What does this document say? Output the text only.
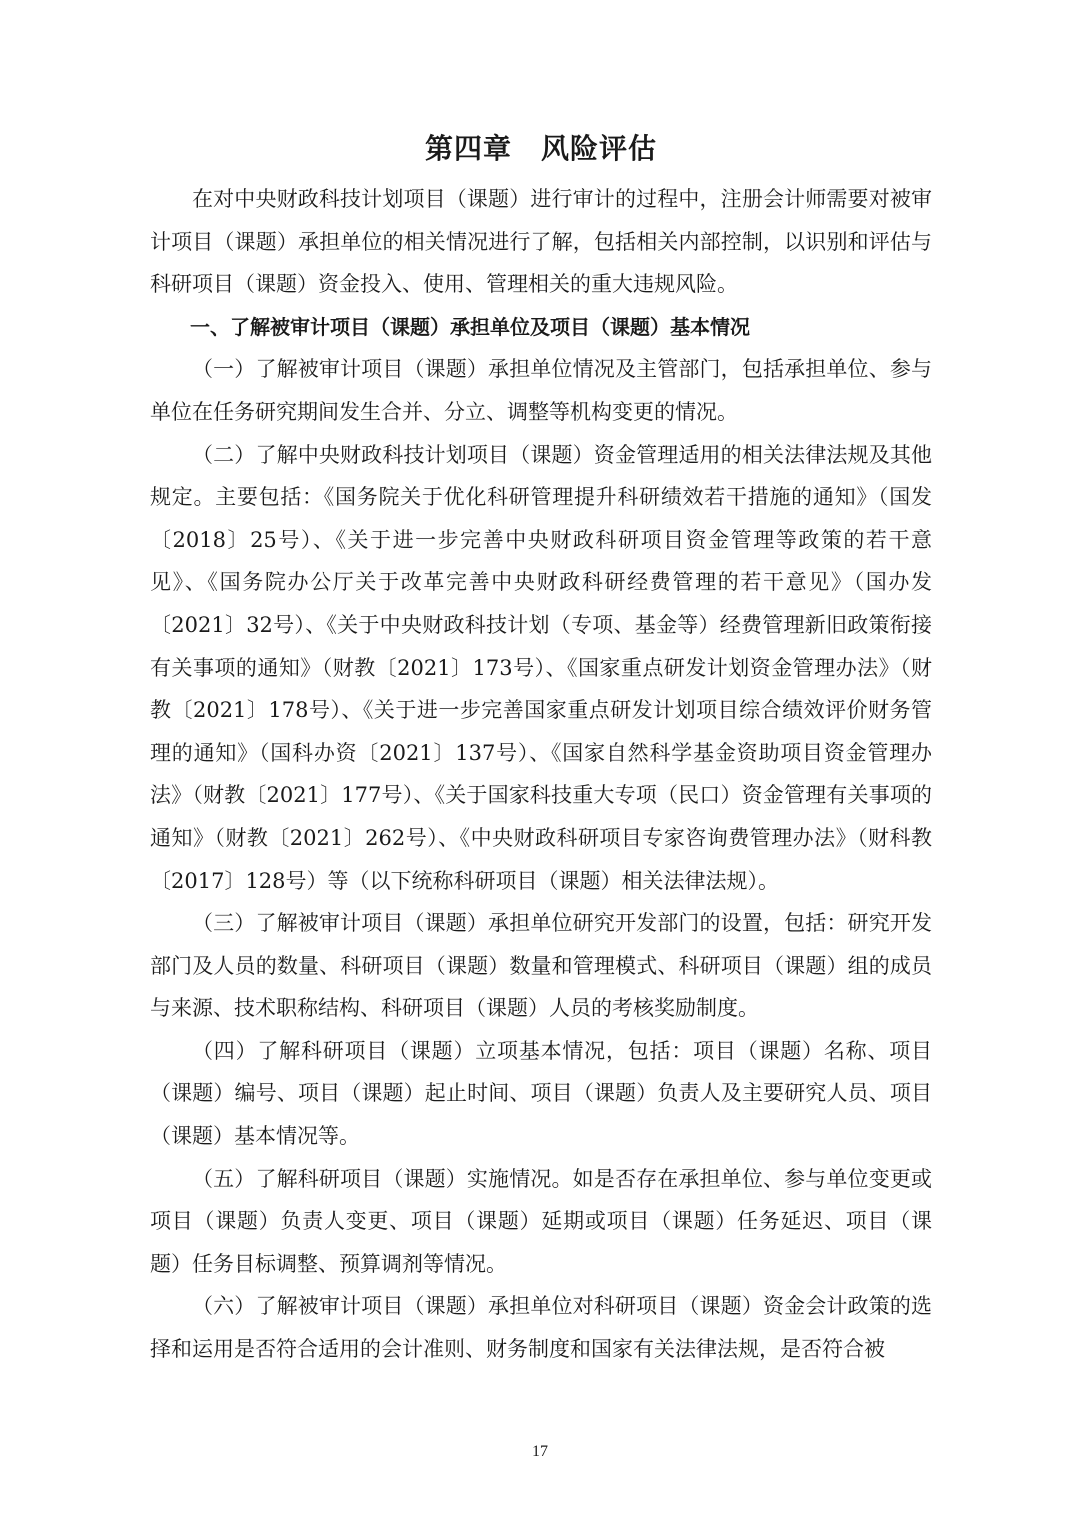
第四章　风险评估

在对中央财政科技计划项目（课题）进行审计的过程中，注册会计师需要对被审计项目（课题）承担单位的相关情况进行了解，包括相关内部控制，以识别和评估与科研项目（课题）资金投入、使用、管理相关的重大违规风险。

一、了解被审计项目（课题）承担单位及项目（课题）基本情况

（一）了解被审计项目（课题）承担单位情况及主管部门，包括承担单位、参与单位在任务研究期间发生合并、分立、调整等机构变更的情况。

（二）了解中央财政科技计划项目（课题）资金管理适用的相关法律法规及其他规定。主要包括：《国务院关于优化科研管理提升科研绩效若干措施的通知》（国发〔2018〕25号）、《关于进一步完善中央财政科研项目资金管理等政策的若干意见》、《国务院办公厅关于改革完善中央财政科研经费管理的若干意见》（国办发〔2021〕32号）、《关于中央财政科技计划（专项、基金等）经费管理新旧政策衔接有关事项的通知》（财教〔2021〕173号）、《国家重点研发计划资金管理办法》（财教〔2021〕178号）、《关于进一步完善国家重点研发计划项目综合绩效评价财务管理的通知》（国科办资〔2021〕137号）、《国家自然科学基金资助项目资金管理办法》（财教〔2021〕177号）、《关于国家科技重大专项（民口）资金管理有关事项的通知》（财教〔2021〕262号）、《中央财政科研项目专家咨询费管理办法》（财科教〔2017〕128号）等（以下统称科研项目（课题）相关法律法规）。

（三）了解被审计项目（课题）承担单位研究开发部门的设置，包括：研究开发部门及人员的数量、科研项目（课题）数量和管理模式、科研项目（课题）组的成员与来源、技术职称结构、科研项目（课题）人员的考核奖励制度。

（四）了解科研项目（课题）立项基本情况，包括：项目（课题）名称、项目（课题）编号、项目（课题）起止时间、项目（课题）负责人及主要研究人员、项目（课题）基本情况等。

（五）了解科研项目（课题）实施情况。如是否存在承担单位、参与单位变更或项目（课题）负责人变更、项目（课题）延期或项目（课题）任务延迟、项目（课题）任务目标调整、预算调剂等情况。

（六）了解被审计项目（课题）承担单位对科研项目（课题）资金会计政策的选择和运用是否符合适用的会计准则、财务制度和国家有关法律法规，是否符合被

17
